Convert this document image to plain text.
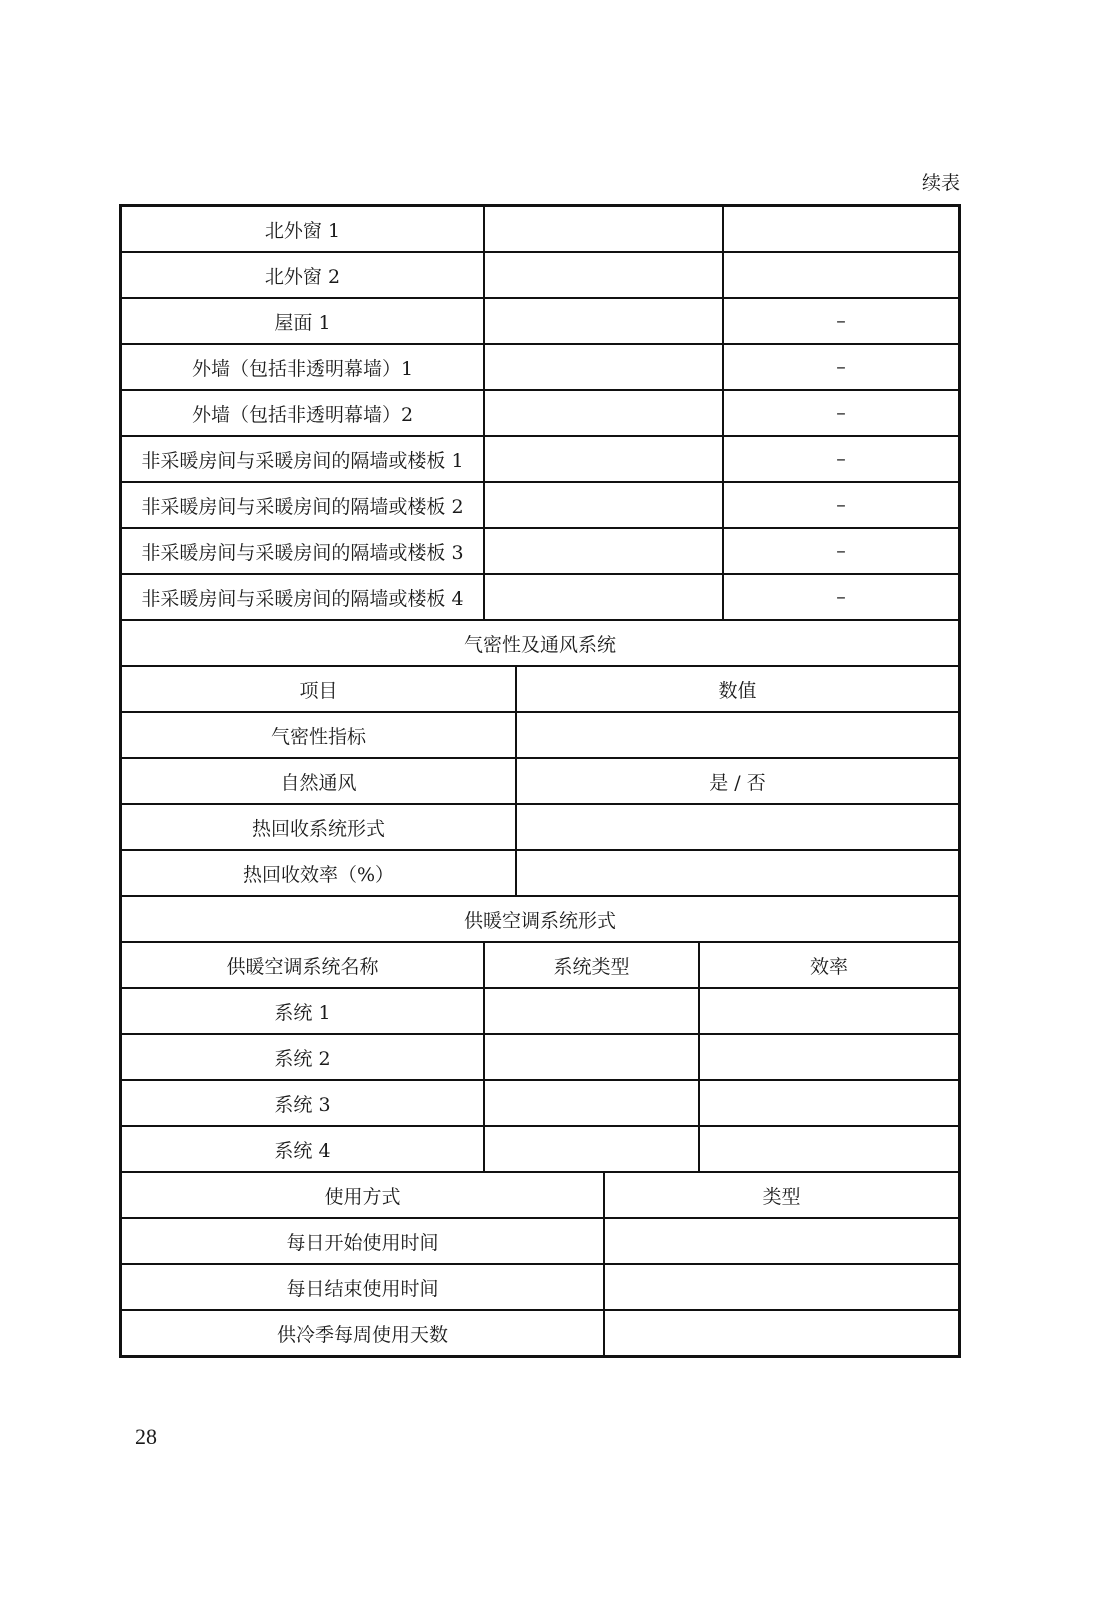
续表
北外窗 1		
北外窗 2		
屋面 1		–
外墙（包括非透明幕墙）1		–
外墙（包括非透明幕墙）2		–
非采暖房间与采暖房间的隔墙或楼板 1		–
非采暖房间与采暖房间的隔墙或楼板 2		–
非采暖房间与采暖房间的隔墙或楼板 3		–
非采暖房间与采暖房间的隔墙或楼板 4		–
气密性及通风系统	
项目	数值
气密性指标	
自然通风	是 / 否
热回收系统形式	
热回收效率（%）	
供暖空调系统形式		
供暖空调系统名称	系统类型	效率
系统 1		
系统 2		
系统 3		
系统 4		
使用方式	类型
每日开始使用时间	
每日结束使用时间	
供冷季每周使用天数	
28
